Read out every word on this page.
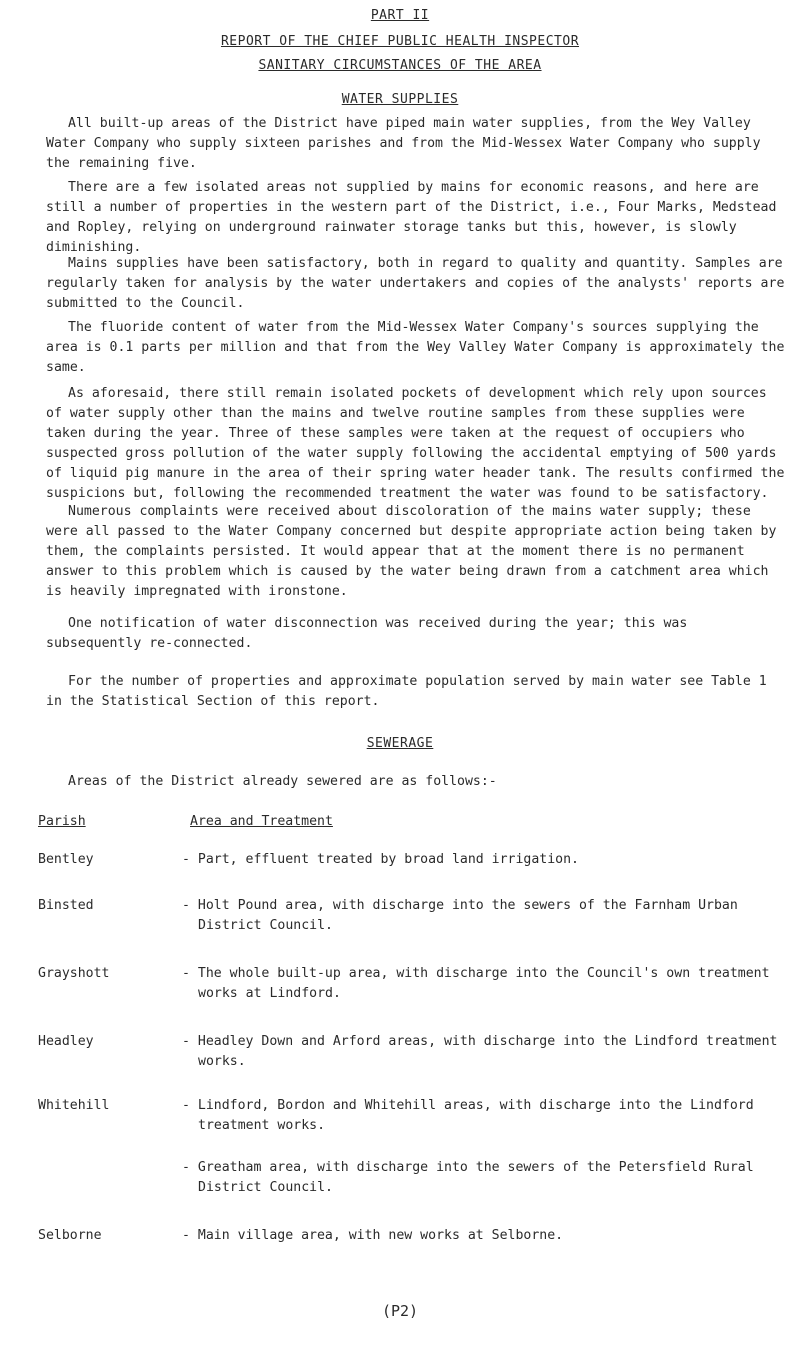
PART II
REPORT OF THE CHIEF PUBLIC HEALTH INSPECTOR
SANITARY CIRCUMSTANCES OF THE AREA
WATER SUPPLIES

All built-up areas of the District have piped main water supplies, from the Wey Valley Water Company who supply sixteen parishes and from the Mid-Wessex Water Company who supply the remaining five.

There are a few isolated areas not supplied by mains for economic reasons, and here are still a number of properties in the western part of the District, i.e., Four Marks, Medstead and Ropley, relying on underground rainwater storage tanks but this, however, is slowly diminishing.

Mains supplies have been satisfactory, both in regard to quality and quantity. Samples are regularly taken for analysis by the water undertakers and copies of the analysts' reports are submitted to the Council.

The fluoride content of water from the Mid-Wessex Water Company's sources supplying the area is 0.1 parts per million and that from the Wey Valley Water Company is approximately the same.

As aforesaid, there still remain isolated pockets of development which rely upon sources of water supply other than the mains and twelve routine samples from these supplies were taken during the year. Three of these samples were taken at the request of occupiers who suspected gross pollution of the water supply following the accidental emptying of 500 yards of liquid pig manure in the area of their spring water header tank. The results confirmed the suspicions but, following the recommended treatment the water was found to be satisfactory.

Numerous complaints were received about discoloration of the mains water supply; these were all passed to the Water Company concerned but despite appropriate action being taken by them, the complaints persisted. It would appear that at the moment there is no permanent answer to this problem which is caused by the water being drawn from a catchment area which is heavily impregnated with ironstone.

One notification of water disconnection was received during the year; this was subsequently re-connected.

For the number of properties and approximate population served by main water see Table 1 in the Statistical Section of this report.

SEWERAGE

Areas of the District already sewered are as follows:-

Parish	Area and Treatment
Bentley	- Part, effluent treated by broad land irrigation.
Binsted	- Holt Pound area, with discharge into the sewers of the Farnham Urban District Council.
Grayshott	- The whole built-up area, with discharge into the Council's own treatment works at Lindford.
Headley	- Headley Down and Arford areas, with discharge into the Lindford treatment works.
Whitehill	- Lindford, Bordon and Whitehill areas, with discharge into the Lindford treatment works.
- Greatham area, with discharge into the sewers of the Petersfield Rural District Council.
Selborne	- Main village area, with new works at Selborne.
(P2)
